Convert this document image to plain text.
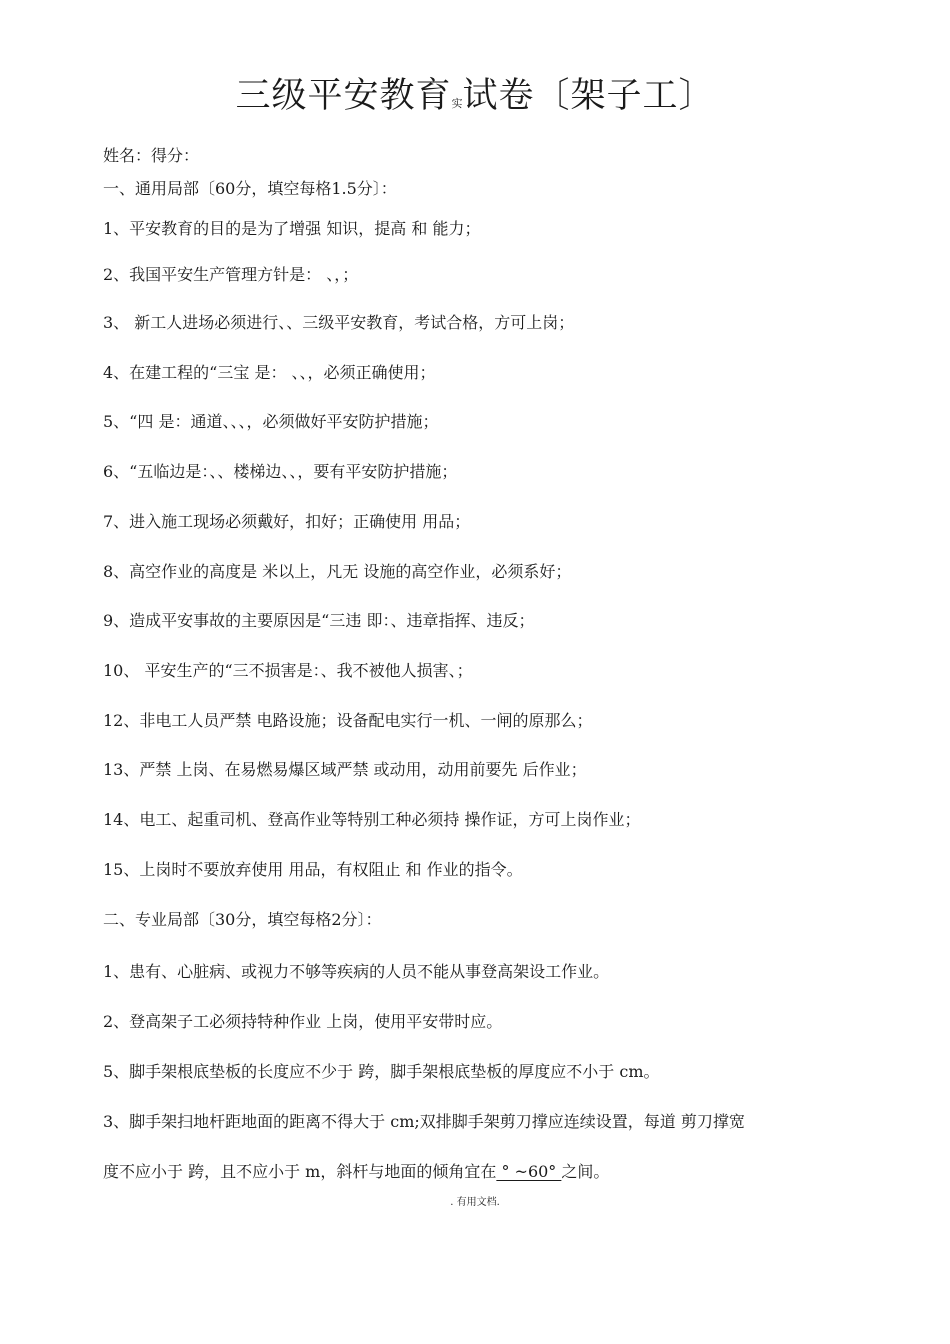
三级平安教育实试卷〔架子工〕
姓名：得分：
一、通用局部〔60分，填空每格1.5分〕：
1、平安教育的目的是为了增强 知识，提高 和 能力；
2、我国平安生产管理方针是： 、，；
3、 新工人进场必须进行、、三级平安教育，考试合格，方可上岗；
4、在建工程的“三宝 是： 、、，必须正确使用；
5、“四 是：通道、、、，必须做好平安防护措施；
6、“五临边是：、、楼梯边、、，要有平安防护措施；
7、进入施工现场必须戴好，扣好；正确使用 用品；
8、高空作业的高度是 米以上，凡无 设施的高空作业，必须系好；
9、造成平安事故的主要原因是“三违 即：、违章指挥、违反；
10、 平安生产的“三不损害是：、我不被他人损害、；
12、非电工人员严禁 电路设施；设备配电实行一机、一闸的原那么；
13、严禁 上岗、在易燃易爆区域严禁 或动用，动用前要先 后作业；
14、电工、起重司机、登高作业等特别工种必须持 操作证，方可上岗作业；
15、上岗时不要放弃使用 用品，有权阻止 和 作业的指令。
二、专业局部〔30分，填空每格2分〕：
1、患有、心脏病、或视力不够等疾病的人员不能从事登高架设工作业。
2、登高架子工必须持特种作业 上岗，使用平安带时应。
5、脚手架根底垫板的长度应不少于 跨，脚手架根底垫板的厚度应不小于 cm。
3、脚手架扫地杆距地面的距离不得大于 cm;双排脚手架剪刀撑应连续设置，每道 剪刀撑宽
度不应小于 跨，且不应小于 m，斜杆与地面的倾角宜在 ° ~60° 之间。
. 有用文档.
